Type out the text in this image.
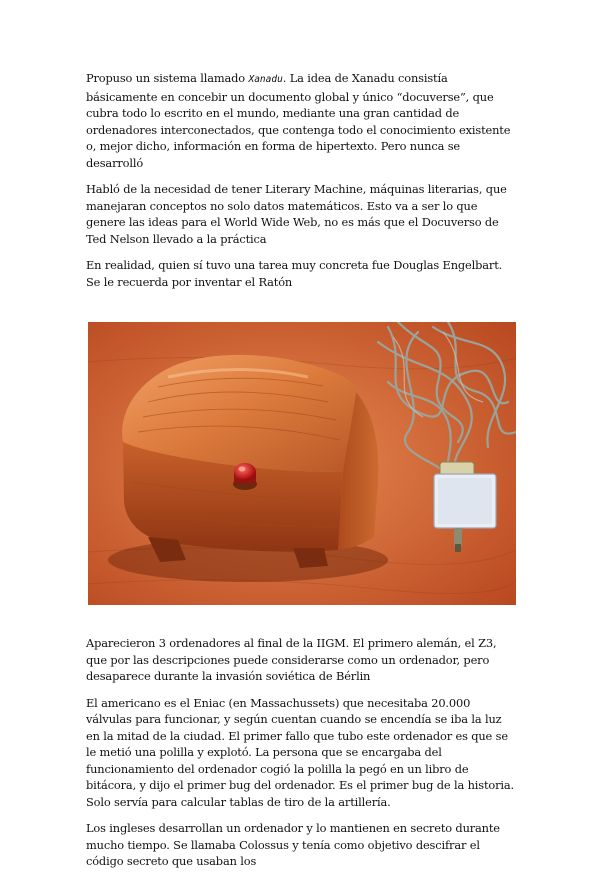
Propuso un sistema llamado Xanadu. La idea de Xanadu consistía básicamente en concebir un documento global y único “docuverse”, que cubra todo lo escrito en el mundo, mediante una gran cantidad de ordenadores interconectados, que contenga todo el conocimiento existente o, mejor dicho, información en forma de hipertexto. Pero nunca se desarrolló

Habló de la necesidad de tener Literary Machine, máquinas literarias, que manejaran conceptos no solo datos matemáticos. Esto va a ser lo que genere las ideas para el World Wide Web, no es más que el Docuverso de Ted Nelson llevado a la práctica

En realidad, quien sí tuvo una tarea muy concreta fue Douglas Engelbart. Se le recuerda por inventar el Ratón

Aparecieron 3 ordenadores al final de la IIGM. El primero alemán, el Z3, que por las descripciones puede considerarse como un ordenador, pero desaparece durante la invasión soviética de Bérlin

El americano es el Eniac (en Massachussets) que necesitaba 20.000 válvulas para funcionar, y según cuentan cuando se encendía se iba la luz en la mitad de la ciudad. El primer fallo que tubo este ordenador es que se le metió una polilla y explotó. La persona que se encargaba del funcionamiento del ordenador cogió la polilla la pegó en un libro de bitácora, y dijo el primer bug del ordenador. Es el primer bug de la historia. Solo servía para calcular tablas de tiro de la artillería.

Los ingleses desarrollan un ordenador y lo mantienen en secreto durante mucho tiempo. Se llamaba Colossus y tenía como objetivo descifrar el código secreto que usaban los
